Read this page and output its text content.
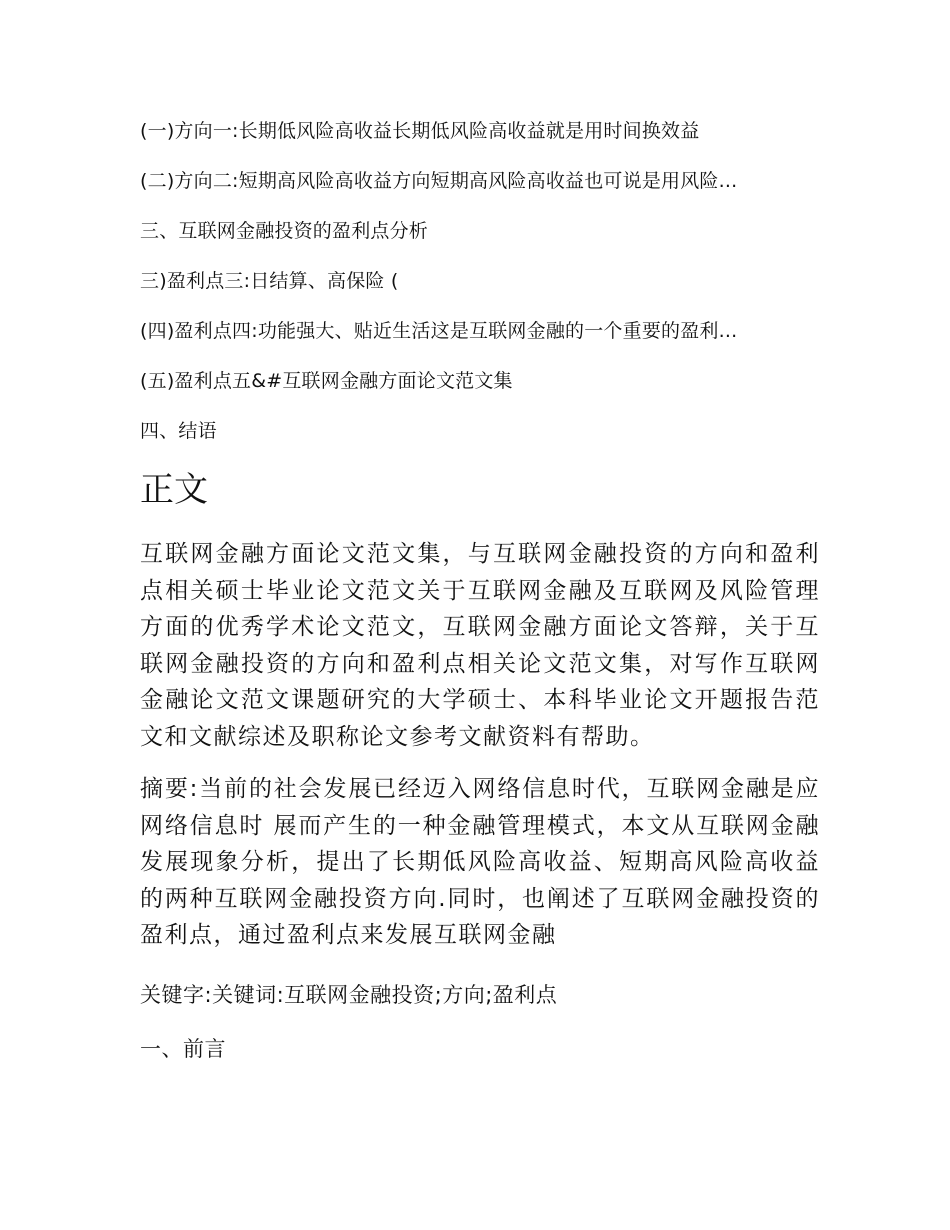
(一)方向一:长期低风险高收益长期低风险高收益就是用时间换效益
(二)方向二:短期高风险高收益方向短期高风险高收益也可说是用风险...
三、互联网金融投资的盈利点分析
三)盈利点三:日结算、高保险 (
(四)盈利点四:功能强大、贴近生活这是互联网金融的一个重要的盈利...
(五)盈利点五&#互联网金融方面论文范文集
四、结语
正文

互联网金融方面论文范文集，与互联网金融投资的方向和盈利点相关硕士毕业论文范文关于互联网金融及互联网及风险管理方面的优秀学术论文范文，互联网金融方面论文答辩，关于互联网金融投资的方向和盈利点相关论文范文集，对写作互联网金融论文范文课题研究的大学硕士、本科毕业论文开题报告范文和文献综述及职称论文参考文献资料有帮助。

摘要:当前的社会发展已经迈入网络信息时代，互联网金融是应网络信息时 展而产生的一种金融管理模式，本文从互联网金融发展现象分析，提出了长期低风险高收益、短期高风险高收益的两种互联网金融投资方向.同时，也阐述了互联网金融投资的盈利点，通过盈利点来发展互联网金融

关键字:关键词:互联网金融投资;方向;盈利点

一、前言
